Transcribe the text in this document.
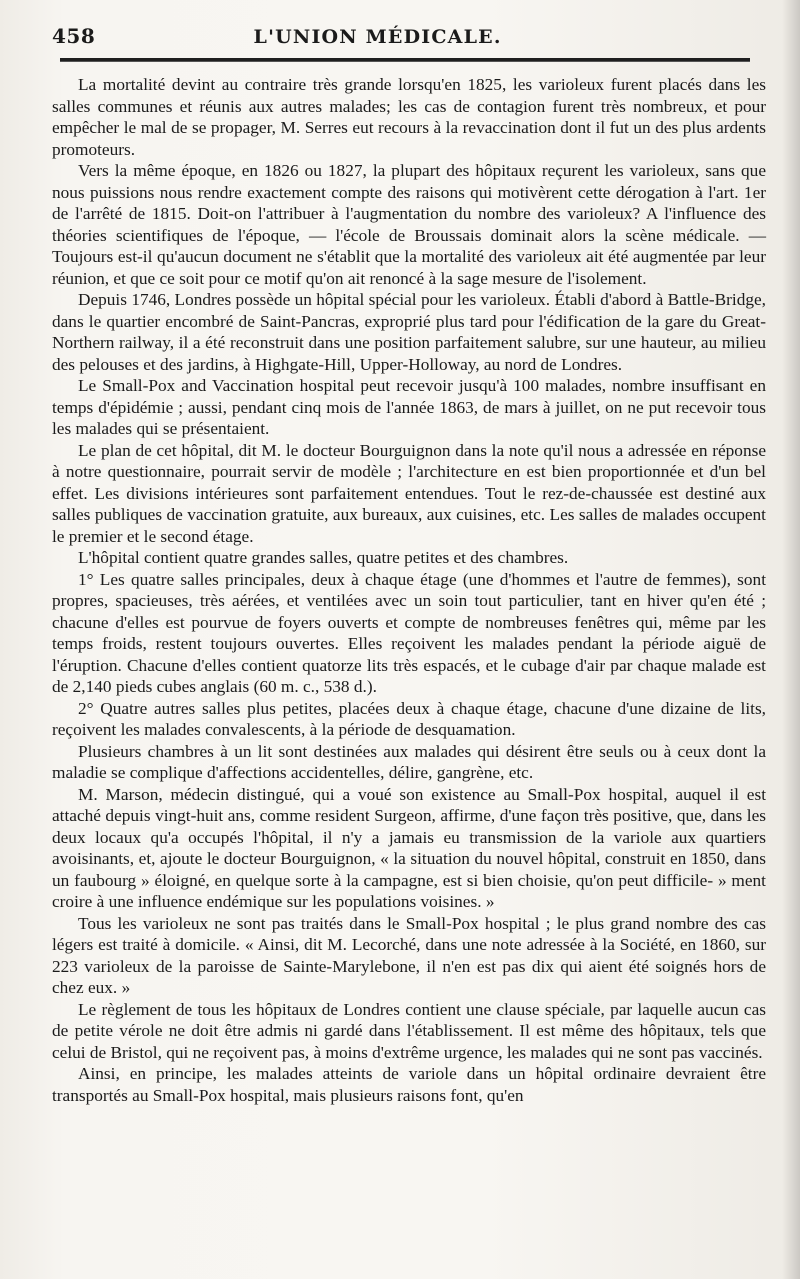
458	L'UNION MÉDICALE.

La mortalité devint au contraire très grande lorsqu'en 1825, les varioleux furent placés dans les salles communes et réunis aux autres malades; les cas de contagion furent très nombreux, et pour empêcher le mal de se propager, M. Serres eut recours à la revaccination dont il fut un des plus ardents promoteurs.

Vers la même époque, en 1826 ou 1827, la plupart des hôpitaux reçurent les varioleux, sans que nous puissions nous rendre exactement compte des raisons qui motivèrent cette dérogation à l'art. 1er de l'arrêté de 1815. Doit-on l'attribuer à l'augmentation du nombre des varioleux? A l'influence des théories scientifiques de l'époque, — l'école de Broussais dominait alors la scène médicale. — Toujours est-il qu'aucun document ne s'établit que la mortalité des varioleux ait été augmentée par leur réunion, et que ce soit pour ce motif qu'on ait renoncé à la sage mesure de l'isolement.

Depuis 1746, Londres possède un hôpital spécial pour les varioleux. Établi d'abord à Battle-Bridge, dans le quartier encombré de Saint-Pancras, exproprié plus tard pour l'édification de la gare du Great-Northern railway, il a été reconstruit dans une position parfaitement salubre, sur une hauteur, au milieu des pelouses et des jardins, à Highgate-Hill, Upper-Holloway, au nord de Londres.

Le Small-Pox and Vaccination hospital peut recevoir jusqu'à 100 malades, nombre insuffisant en temps d'épidémie ; aussi, pendant cinq mois de l'année 1863, de mars à juillet, on ne put recevoir tous les malades qui se présentaient.

Le plan de cet hôpital, dit M. le docteur Bourguignon dans la note qu'il nous a adressée en réponse à notre questionnaire, pourrait servir de modèle ; l'architecture en est bien proportionnée et d'un bel effet. Les divisions intérieures sont parfaitement entendues. Tout le rez-de-chaussée est destiné aux salles publiques de vaccination gratuite, aux bureaux, aux cuisines, etc. Les salles de malades occupent le premier et le second étage.

L'hôpital contient quatre grandes salles, quatre petites et des chambres.

1° Les quatre salles principales, deux à chaque étage (une d'hommes et l'autre de femmes), sont propres, spacieuses, très aérées, et ventilées avec un soin tout particulier, tant en hiver qu'en été ; chacune d'elles est pourvue de foyers ouverts et compte de nombreuses fenêtres qui, même par les temps froids, restent toujours ouvertes. Elles reçoivent les malades pendant la période aiguë de l'éruption. Chacune d'elles contient quatorze lits très espacés, et le cubage d'air par chaque malade est de 2,140 pieds cubes anglais (60 m. c., 538 d.).

2° Quatre autres salles plus petites, placées deux à chaque étage, chacune d'une dizaine de lits, reçoivent les malades convalescents, à la période de desquamation.

Plusieurs chambres à un lit sont destinées aux malades qui désirent être seuls ou à ceux dont la maladie se complique d'affections accidentelles, délire, gangrène, etc.

M. Marson, médecin distingué, qui a voué son existence au Small-Pox hospital, auquel il est attaché depuis vingt-huit ans, comme resident Surgeon, affirme, d'une façon très positive, que, dans les deux locaux qu'a occupés l'hôpital, il n'y a jamais eu transmission de la variole aux quartiers avoisinants, et, ajoute le docteur Bourguignon, « la situation du nouvel hôpital, construit en 1850, dans un faubourg » éloigné, en quelque sorte à la campagne, est si bien choisie, qu'on peut difficile- » ment croire à une influence endémique sur les populations voisines. »

Tous les varioleux ne sont pas traités dans le Small-Pox hospital ; le plus grand nombre des cas légers est traité à domicile. « Ainsi, dit M. Lecorché, dans une note adressée à la Société, en 1860, sur 223 varioleux de la paroisse de Sainte-Marylebone, il n'en est pas dix qui aient été soignés hors de chez eux. »

Le règlement de tous les hôpitaux de Londres contient une clause spéciale, par laquelle aucun cas de petite vérole ne doit être admis ni gardé dans l'établissement. Il est même des hôpitaux, tels que celui de Bristol, qui ne reçoivent pas, à moins d'extrême urgence, les malades qui ne sont pas vaccinés.

Ainsi, en principe, les malades atteints de variole dans un hôpital ordinaire devraient être transportés au Small-Pox hospital, mais plusieurs raisons font, qu'en
